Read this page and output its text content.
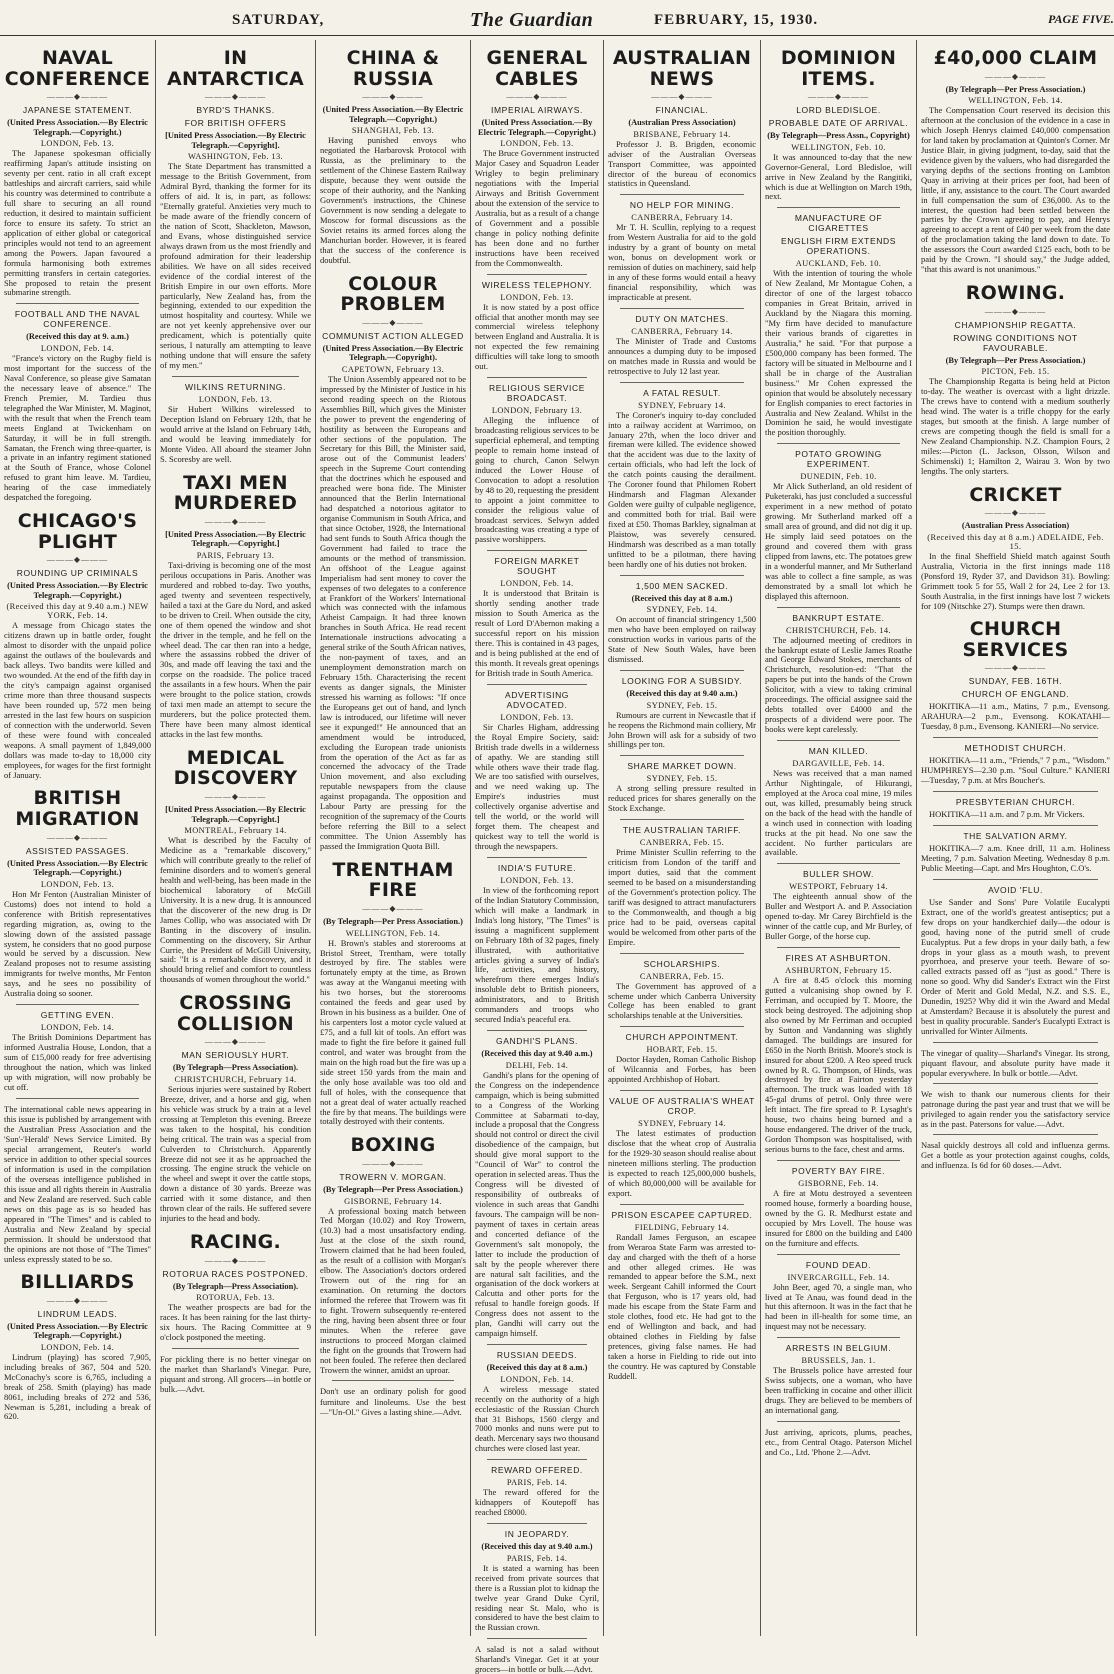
SATURDAY,	The Guardian	FEBRUARY, 15, 1930.	PAGE FIVE.
NAVAL CONFERENCE
———◆———
JAPANESE STATEMENT.
(United Press Association.—By Electric Telegraph.—Copyright.)
LONDON, Feb. 13.
The Japanese spokesman officially reaffirming Japan's attitude insisting on seventy per cent. ratio in all craft except battleships and aircraft carriers, said while his country was determined to contribute a full share to securing an all round reduction, it desired to maintain sufficient force to ensure its safety. To strict an application of either global or categorical principles would not tend to an agreement among the Powers. Japan favoured a formula harmonising both extremes permitting transfers in certain categories. She proposed to retain the present submarine strength.
FOOTBALL AND THE NAVAL CONFERENCE.
(Received this day at 9. a.m.)
LONDON, Feb. 14.
"France's victory on the Rugby field is most important for the success of the Naval Conference, so please give Samatan the necessary leave of absence." The French Premier, M. Tardieu thus telegraphed the War Minister, M. Maginot, with the result that when the French team meets England at Twickenham on Saturday, it will be in full strength. Samatan, the French wing three-quarter, is a private in an infantry regiment stationed at the South of France, whose Colonel refused to grant him leave. M. Tardieu, hearing of the case immediately despatched the foregoing.
CHICAGO'S PLIGHT
———◆———
ROUNDING UP CRIMINALS
(United Press Association.—By Electric Telegraph.—Copyright.)
(Received this day at 9.40 a.m.) NEW YORK, Feb. 14.
A message from Chicago states the citizens drawn up in battle order, fought almost to disorder with the unpaid police against the outlaws of the boulevards and back alleys. Two bandits were killed and two wounded. At the end of the fifth day in the city's campaign against organised crime more than three thousand suspects have been rounded up, 572 men being arrested in the last few hours on suspicion of connection with the underworld. Seven of these were found with concealed weapons. A small payment of 1,849,000 dollars was made to-day to 18,000 city employees, for wages for the first fortnight of January.
BRITISH MIGRATION
———◆———
ASSISTED PASSAGES.
(United Press Association.—By Electric Telegraph.—Copyright.)
LONDON, Feb. 13.
Hon Mr Fenton (Australian Minister of Customs) does not intend to hold a conference with British representatives regarding migration, as, owing to the slowing down of the assisted passage system, he considers that no good purpose would be served by a discussion. New Zealand proposes not to resume assisting immigrants for twelve months, Mr Fenton says, and he sees no possibility of Australia doing so sooner.
GETTING EVEN.
LONDON, Feb. 14.
The British Dominions Department has informed Australia House, London, that a sum of £15,000 ready for free advertising throughout the nation, which was linked up with migration, will now probably be cut off.
The international cable news appearing in this issue is published by arrangement with the Australian Press Association and the 'Sun'-'Herald' News Service Limited. By special arrangement, Reuter's world service in addition to other special sources of information is used in the compilation of the overseas intelligence published in this issue and all rights therein in Australia and New Zealand are reserved. Such cable news on this page as is so headed has appeared in "The Times" and is cabled to Australia and New Zealand by special permission. It should be understood that the opinions are not those of "The Times" unless expressly stated to be so.
BILLIARDS
———◆———
LINDRUM LEADS.
(United Press Association.—By Electric Telegraph.—Copyright.)
LONDON, Feb. 14.
Lindrum (playing) has scored 7,905, including breaks of 367, 504 and 520. McConachy's score is 6,765, including a break of 258. Smith (playing) has made 8061, including breaks of 272 and 536, Newman is 5,281, including a break of 620.
IN ANTARCTICA
———◆———
BYRD'S THANKS.
FOR BRITISH OFFERS
[United Press Association.—By Electric Telegraph.—Copyright].
WASHINGTON, Feb. 13.
The State Department has transmitted a message to the British Government, from Admiral Byrd, thanking the former for its offers of aid. It is, in part, as follows: "Eternally grateful. Anxieties very much to be made aware of the friendly concern of the nation of Scott, Shackleton, Mawson, and Evans, whose distinguished service always drawn from us the most friendly and profound admiration for their leadership abilities. We have on all sides received evidence of the cordial interest of the British Empire in our own efforts. More particularly, New Zealand has, from the beginning, extended to our expedition the utmost hospitality and courtesy. While we are not yet keenly apprehensive over our predicament, which is potentially quite serious, I naturally am attempting to leave nothing undone that will ensure the safety of my men."
WILKINS RETURNING.
LONDON, Feb. 13.
Sir Hubert Wilkins wirelessed to Deception Island on February 12th, that he would arrive at the Island on February 14th, and would be leaving immediately for Monte Video. All aboard the steamer John S. Scoresby are well.
TAXI MEN MURDERED
———◆———
[United Press Association.—By Electric Telegraph.—Copyright.]
PARIS, February 13.
Taxi-driving is becoming one of the most perilous occupations in Paris. Another was murdered and robbed to-day. Two youths, aged twenty and seventeen respectively, hailed a taxi at the Gare du Nord, and asked to be driven to Creil. When outside the city, one of them opened the window and shot the driver in the temple, and he fell on the wheel dead. The car then ran into a hedge, where the assassins robbed the driver of 30s, and made off leaving the taxi and the corpse on the roadside. The police traced the assailants in a few hours. When the pair were brought to the police station, crowds of taxi men made an attempt to secure the murderers, but the police protected them. There have been many almost identical attacks in the last few months.
MEDICAL DISCOVERY
———◆———
[United Press Association.—By Electric Telegraph.—Copyright.]
MONTREAL, February 14.
What is described by the Faculty of Medicine as a "remarkable discovery," which will contribute greatly to the relief of feminine disorders and to women's general health and well-being, has been made in the biochemical laboratory of McGill University. It is a new drug. It is announced that the discoverer of the new drug is Dr James Collip, who was associated with Dr Banting in the discovery of insulin. Commenting on the discovery, Sir Arthur Currie, the President of McGill University, said: "It is a remarkable discovery, and it should bring relief and comfort to countless thousands of women throughout the world."
CROSSING COLLISION
———◆———
MAN SERIOUSLY HURT.
(By Telegraph—Press Association).
CHRISTCHURCH, February 14.
Serious injuries were sustained by Robert Breeze, driver, and a horse and gig, when his vehicle was struck by a train at a level crossing at Templeton this evening. Breeze was taken to the hospital, his condition being critical. The train was a special from Culverden to Christchurch. Apparently Breeze did not see it as he approached the crossing. The engine struck the vehicle on the wheel and swept it over the cattle stops, down a distance of 30 yards. Breeze was carried with it some distance, and then thrown clear of the rails. He suffered severe injuries to the head and body.
RACING.
———◆———
ROTORUA RACES POSTPONED.
(By Telegraph—Press Association).
ROTORUA, Feb. 13.
The weather prospects are bad for the races. It has been raining for the last thirty-six hours. The Racing Committee at 9 o'clock postponed the meeting.
For pickling there is no better vinegar on the market than Sharland's Vinegar. Pure, piquant and strong. All grocers—in bottle or bulk.—Advt.
CHINA & RUSSIA
———◆———
(United Press Association.—By Electric Telegraph.—Copyright.)
SHANGHAI, Feb. 13.
Having punished envoys who negotiated the Harbarovsk Protocol with Russia, as the preliminary to the settlement of the Chinese Eastern Railway dispute, because they went outside the scope of their authority, and the Nanking Government's instructions, the Chinese Government is now sending a delegate to Moscow for formal discussions as the Soviet retains its armed forces along the Manchurian border. However, it is feared that the success of the conference is doubtful.
COLOUR PROBLEM
———◆———
COMMUNIST ACTION ALLEGED
(United Press Association.—By Electric Telegraph.—Copyright).
CAPETOWN, February 13.
The Union Assembly appeared not to be impressed by the Minister of Justice in his second reading speech on the Riotous Assemblies Bill, which gives the Minister the power to prevent the engendering of hostility as between the Europeans and other sections of the population. The Secretary for this Bill, the Minister said, arose out of the Communist leaders' speech in the Supreme Court contending that the doctrines which he espoused and preached were bona fide. The Minister announced that the Berlin International had despatched a notorious agitator to organise Communism in South Africa, and that since October, 1928, the International had sent funds to South Africa though the Government had failed to trace the amounts or the method of transmission. An offshoot of the League against Imperialism had sent money to cover the expenses of two delegates to a conference at Frankfort of the Workers' International which was connected with the infamous Atheist Campaign. It had three known branches in South Africa. He read recent Internationale instructions advocating a general strike of the South African natives, the non-payment of taxes, and an unemployment demonstration march on February 15th. Characterising the recent events as danger signals, the Minister stressed his warning as follows: "If once the Europeans get out of hand, and lynch law is introduced, our lifetime will never see it expunged!" He announced that an amendment would be introduced, excluding the European trade unionists from the operation of the Act as far as concerned the advocacy of the Trade Union movement, and also excluding reputable newspapers from the clause against propaganda. The opposition and Labour Party are pressing for the recognition of the supremacy of the Courts before referring the Bill to a select committee. The Union Assembly has passed the Immigration Quota Bill.
TRENTHAM FIRE
———◆———
(By Telegraph—Per Press Association.)
WELLINGTON, Feb. 14.
H. Brown's stables and storerooms at Bristol Street, Trentham, were totally destroyed by fire. The stables were fortunately empty at the time, as Brown was away at the Wanganui meeting with his two horses, but the storerooms contained the feeds and gear used by Brown in his business as a builder. One of his carpenters lost a motor cycle valued at £75, and a full kit of tools. An effort was made to fight the fire before it gained full control, and water was brought from the main on the high road but the fire was up a side street 150 yards from the main and the only hose available was too old and full of holes, with the consequence that not a great deal of water actually reached the fire by that means. The buildings were totally destroyed with their contents.
BOXING
———◆———
TROWERN V. MORGAN.
(By Telegraph—Per Press Association.)
GISBORNE, February 14.
A professional boxing match between Ted Morgan (10.02) and Roy Trowern, (10.3) had a most unsatisfactory ending. Just at the close of the sixth round, Trowern claimed that he had been fouled, as the result of a collision with Morgan's elbow. The Association's doctors ordered Trowern out of the ring for an examination. On returning the doctors informed the referee that Trowern was fit to fight. Trowern subsequently re-entered the ring, having been absent three or four minutes. When the referee gave instructions to proceed Morgan claimed the fight on the grounds that Trowern had not been fouled. The referee then declared Trowern the winner, amidst an uproar.
Don't use an ordinary polish for good furniture and linoleums. Use the best —"Un-Ol." Gives a lasting shine.—Advt.
GENERAL CABLES
———◆———
IMPERIAL AIRWAYS.
(United Press Association.—By Electric Telegraph.—Copyright.)
LONDON, Feb. 13.
The Bruce Government instructed Major Casey and Squadron Leader Wrigley to begin preliminary negotiations with the Imperial Airways and British Government about the extension of the service to Australia, but as a result of a change of Government and a possible change in policy nothing definite has been done and no further instructions have been received from the Commonwealth.
WIRELESS TELEPHONY.
LONDON, Feb. 13.
It is now stated by a post office official that another month may see commercial wireless telephony between England and Australia. It is not expected the few remaining difficulties will take long to smooth out.
RELIGIOUS SERVICE BROADCAST.
LONDON, February 13.
Alleging the influence of broadcasting religious services to be superficial ephemeral, and tempting people to remain home instead of going to church, Canon Selwyn induced the Lower House of Convocation to adopt a resolution by 48 to 20, requesting the president to appoint a joint committee to consider the religious value of broadcast services. Selwyn added broadcasting was creating a type of passive worshippers.
FOREIGN MARKET SOUGHT
LONDON, Feb. 14.
It is understood that Britain is shortly sending another trade mission to South America as the result of Lord D'Abernon making a successful report on his mission there. This is contained in 43 pages, and is being published at the end of this month. It reveals great openings for British trade in South America.
ADVERTISING ADVOCATED.
LONDON, Feb. 13.
Sir Charles Higham, addressing the Royal Empire Society, said: British trade dwells in a wilderness of apathy. We are standing still while others wave their trade flag. We are too satisfied with ourselves, and we need waking up. The Empire's industries must collectively organise advertise and tell the world, or the world will forget them. The cheapest and quickest way to tell the world is through the newspapers.
INDIA'S FUTURE.
LONDON, Feb. 13.
In view of the forthcoming report of the Indian Statutory Commission, which will make a landmark in India's long history, "The Times" is issuing a magnificent supplement on February 18th of 32 pages, finely illustrated, with authoritative articles giving a survey of India's life, activities, and history, wherefrom there emerges India's insoluble debt to British pioneers, administrators, and to British commanders and troops who secured India's peaceful era.
GANDHI'S PLANS.
(Received this day at 9.40 a.m.)
DELHI, Feb. 14.
Gandhi's plans for the opening of the Congress on the independence campaign, which is being submitted to a Congress of the Working Committee at Sabarmati to-day, include a proposal that the Congress should not control or direct the civil disobedience of the campaign, but should give moral support to the "Council of War" to control the operation in selected areas. Thus the Congress will be divested of responsibility of outbreaks of violence in such areas that Gandhi favours. The campaign will be non-payment of taxes in certain areas and concerted defiance of the Government's salt monopoly, the latter to include the production of salt by the people wherever there are natural salt facilities, and the organisation of the dock workers at Calcutta and other ports for the refusal to handle foreign goods. If Congress does not assent to the plan, Gandhi will carry out the campaign himself.
RUSSIAN DEEDS.
(Received this day at 8 a.m.)
LONDON, Feb. 14.
A wireless message stated recently on the authority of a high ecclesiastic of the Russian Church that 31 Bishops, 1560 clergy and 7000 monks and nuns were put to death. Mercenary says two thousand churches were closed last year.
REWARD OFFERED.
PARIS, Feb. 14.
The reward offered for the kidnappers of Koutepoff has reached £8000.
IN JEOPARDY.
(Received this day at 9.40 a.m.)
PARIS, Feb. 14.
It is stated a warning has been received from private sources that there is a Russian plot to kidnap the twelve year Grand Duke Cyril, residing near St. Malo, who is considered to have the best claim to the Russian crown.
A salad is not a salad without Sharland's Vinegar. Get it at your grocers—in bottle or bulk.—Advt.
AUSTRALIAN NEWS
———◆———
FINANCIAL.
(Australian Press Association)
BRISBANE, February 14.
Professor J. B. Brigden, economic adviser of the Australian Overseas Transport Committee, was appointed director of the bureau of economics statistics in Queensland.
NO HELP FOR MINING.
CANBERRA, February 14.
Mr T. H. Scullin, replying to a request from Western Australia for aid to the gold industry by a grant of bounty on metal won, bonus on development work or remission of duties on machinery, said help in any of these forms would entail a heavy financial responsibility, which was impracticable at present.
DUTY ON MATCHES.
CANBERRA, February 14.
The Minister of Trade and Customs announces a dumping duty to be imposed on matches made in Russia and would be retrospective to July 12 last year.
A FATAL RESULT.
SYDNEY, February 14.
The Coroner's inquiry to-day concluded into a railway accident at Warrimoo, on January 27th, when the loco driver and fireman were killed. The evidence showed that the accident was due to the laxity of certain officials, who had left the lock of the catch points causing the derailment. The Coroner found that Philomen Robert Hindmarsh and Flagman Alexander Golden were guilty of culpable negligence, and committed both for trial. Bail were fixed at £50. Thomas Barkley, signalman at Plaistow, was severely censured. Hindmarsh was described as a man totally unfitted to be a pilotman, there having been hardly one of his duties not broken.
1,500 MEN SACKED.
(Received this day at 8 a.m.)
SYDNEY, Feb. 14.
On account of financial stringency 1,500 men who have been employed on railway construction works in various parts of the State of New South Wales, have been dismissed.
LOOKING FOR A SUBSIDY.
(Received this day at 9.40 a.m.)
SYDNEY, Feb. 15.
Rumours are current in Newcastle that if he reopens the Richmond main colliery, Mr John Brown will ask for a subsidy of two shillings per ton.
SHARE MARKET DOWN.
SYDNEY, Feb. 15.
A strong selling pressure resulted in reduced prices for shares generally on the Stock Exchange.
THE AUSTRALIAN TARIFF.
CANBERRA, Feb. 15.
Prime Minister Scullin referring to the criticism from London of the tariff and import duties, said that the comment seemed to be based on a misunderstanding of the Government's protection policy. The tariff was designed to attract manufacturers to the Commonwealth, and though a big price had to be paid, overseas capital would be welcomed from other parts of the Empire.
SCHOLARSHIPS.
CANBERRA, Feb. 15.
The Government has approved of a scheme under which Canberra University College has been enabled to grant scholarships tenable at the Universities.
CHURCH APPOINTMENT.
HOBART, Feb. 15.
Doctor Hayden, Roman Catholic Bishop of Wilcannia and Forbes, has been appointed Archbishop of Hobart.
VALUE OF AUSTRALIA'S WHEAT CROP.
SYDNEY, February 14.
The latest estimates of production disclose that the wheat crop of Australia for the 1929-30 season should realise about nineteen millions sterling. The production is expected to reach 125,000,000 bushels, of which 80,000,000 will be available for export.
PRISON ESCAPEE CAPTURED.
FIELDING, February 14.
Randall James Ferguson, an escapee from Weraroa State Farm was arrested to-day and charged with the theft of a horse and other alleged crimes. He was remanded to appear before the S.M., next week. Sergeant Cahill informed the Court that Ferguson, who is 17 years old, had made his escape from the State Farm and stole clothes, food etc. He had got to the end of Wellington and back, and had obtained clothes in Fielding by false pretences, giving false names. He had taken a horse in Fielding to ride out into the country. He was captured by Constable Ruddell.
DOMINION ITEMS.
———◆———
LORD BLEDISLOE.
PROBABLE DATE OF ARRIVAL.
(By Telegraph—Press Assn., Copyright)
WELLINGTON, Feb. 10.
It was announced to-day that the new Governor-General, Lord Bledisloe, will arrive in New Zealand by the Rangitiki, which is due at Wellington on March 19th, next.
MANUFACTURE OF CIGARETTES
ENGLISH FIRM EXTENDS OPERATIONS.
AUCKLAND, Feb. 10.
With the intention of touring the whole of New Zealand, Mr Montague Cohen, a director of one of the largest tobacco companies in Great Britain, arrived in Auckland by the Niagara this morning. "My firm have decided to manufacture their various brands of cigarettes in Australia," he said. "For that purpose a £500,000 company has been formed. The factory will be situated in Melbourne and I shall be in charge of the Australian business." Mr Cohen expressed the opinion that would be absolutely necessary for English companies to erect factories in Australia and New Zealand. Whilst in the Dominion he said, he would investigate the position thoroughly.
POTATO GROWING EXPERIMENT.
DUNEDIN, Feb. 10.
Mr Alick Sutherland, an old resident of Puketeraki, has just concluded a successful experiment in a new method of potato growing. Mr Sutherland marked off a small area of ground, and did not dig it up. He simply laid seed potatoes on the ground and covered them with grass clipped from lawns, etc. The potatoes grew in a wonderful manner, and Mr Sutherland was able to collect a fine sample, as was demonstrated by a small lot which he displayed this afternoon.
BANKRUPT ESTATE.
CHRISTCHURCH, Feb. 14.
The adjourned meeting of creditors in the bankrupt estate of Leslie James Roathe and George Edward Stokes, merchants of Christchurch, resolution-ed: "That the papers be put into the hands of the Crown Solicitor, with a view to taking criminal proceedings. The official assignee said the debts totalled over £4000 and the prospects of a dividend were poor. The books were kept carelessly.
MAN KILLED.
DARGAVILLE, Feb. 14.
News was received that a man named Arthur Nightingale, of Hikurangi, employed at the Aroca coal mine, 19 miles out, was killed, presumably being struck on the back of the head with the handle of a winch used in connection with loading trucks at the pit head. No one saw the accident. No further particulars are available.
BULLER SHOW.
WESTPORT, February 14.
The eighteenth annual show of the Buller and Westport A. and P. Association opened to-day. Mr Carey Birchfield is the winner of the cattle cup, and Mr Burley, of Buller Gorge, of the horse cup.
FIRES AT ASHBURTON.
ASHBURTON, February 15.
A fire at 8.45 o'clock this morning gutted a vulcanising shop owned by F. Ferriman, and occupied by T. Moore, the stock being destroyed. The adjoining shop also owned by Mr Ferriman and occupied by Sutton and Vandanning was slightly damaged. The buildings are insured for £650 in the North British. Moore's stock is insured for about £200. A Reo speed truck owned by R. G. Thompson, of Hinds, was destroyed by fire at Fairton yesterday afternoon. The truck was loaded with 18 45-gal drums of petrol. Only three were left intact. The fire spread to P. Lysaght's house, two chains being burned and a house endangered. The driver of the truck, Gordon Thompson was hospitalised, with serious burns to the face, chest and arms.
POVERTY BAY FIRE.
GISBORNE, Feb. 14.
A fire at Motu destroyed a seventeen roomed house, formerly a boarding house, owned by the G. R. Medhurst estate and occupied by Mrs Lovell. The house was insured for £800 on the building and £400 on the furniture and effects.
FOUND DEAD.
INVERCARGILL, Feb. 14.
John Beer, aged 70, a single man, who lived at Te Anau, was found dead in the hut this afternoon. It was in the fact that he had been in ill-health for some time, an inquest may not be necessary.
ARRESTS IN BELGIUM.
BRUSSELS, Jan. 1.
The Brussels police have arrested four Swiss subjects, one a woman, who have been trafficking in cocaine and other illicit drugs. They are believed to be members of an international gang.
Just arriving, apricots, plums, peaches, etc., from Central Otago. Paterson Michel and Co., Ltd. 'Phone 2.—Advt.
£40,000 CLAIM
———◆———
(By Telegraph—Per Press Association.)
WELLINGTON, Feb. 14.
The Compensation Court reserved its decision this afternoon at the conclusion of the evidence in a case in which Joseph Henrys claimed £40,000 compensation for land taken by proclamation at Quinton's Corner. Mr Justice Blair, in giving judgment, to-day, said that the evidence given by the valuers, who had disregarded the varying depths of the sections fronting on Lambton Quay in arriving at their prices per foot, had been of little, if any, assistance to the court. The Court awarded in full compensation the sum of £36,000. As to the interest, the question had been settled between the parties by the Crown agreeing to pay, and Henrys agreeing to accept a rent of £40 per week from the date of the proclamation taking the land down to date. To the assessors the Court awarded £125 each, both to be paid by the Crown. "I should say," the Judge added, "that this award is not unanimous."
ROWING.
———◆———
CHAMPIONSHIP REGATTA.
ROWING CONDITIONS NOT FAVOURABLE.
(By Telegraph—Per Press Association.)
PICTON, Feb. 15.
The Championship Regatta is being held at Picton to-day. The weather is overcast with a light drizzle. The crews have to contend with a medium southerly head wind. The water is a trifle choppy for the early stages, but smooth at the finish. A large number of crews are competing though the field is small for a New Zealand Championship. N.Z. Champion Fours, 2 miles:—Picton (L. Jackson, Olsson, Wilson and Schimenski) 1; Hamilton 2, Wairau 3. Won by two lengths. The only starters.
CRICKET
———◆———
(Australian Press Association)
(Received this day at 8 a.m.) ADELAIDE, Feb. 15.
In the final Sheffield Shield match against South Australia, Victoria in the first innings made 118 (Ponsford 19, Ryder 37, and Davidson 31). Bowling: Grimmett took 5 for 55, Wall 2 for 24, Lee 2 for 13. South Australia, in the first innings have lost 7 wickets for 109 (Nitschke 27). Stumps were then drawn.
CHURCH SERVICES
———◆———
SUNDAY, FEB. 16TH.
CHURCH OF ENGLAND.
HOKITIKA—11 a.m., Matins, 7 p.m., Evensong. ARAHURA—2 p.m., Evensong. KOKATAHI—Tuesday, 8 p.m., Evensong. KANIERI—No service.
METHODIST CHURCH.
HOKITIKA—11 a.m., "Friends," 7 p.m., "Wisdom." HUMPHREYS—2.30 p.m. "Soul Culture." KANIERI—Tuesday, 7 p.m. at Mrs Boucher's.
PRESBYTERIAN CHURCH.
HOKITIKA—11 a.m. and 7 p.m. Mr Vickers.
THE SALVATION ARMY.
HOKITIKA—7 a.m. Knee drill, 11 a.m. Holiness Meeting, 7 p.m. Salvation Meeting. Wednesday 8 p.m. Public Meeting—Capt. and Mrs Houghton, C.O's.
AVOID 'FLU.
Use Sander and Sons' Pure Volatile Eucalypti Extract, one of the world's greatest antiseptics; put a few drops on your handkerchief daily—the odour is good, having none of the putrid smell of crude Eucalyptus. Put a few drops in your daily bath, a few drops in your glass as a mouth wash, to prevent pyorrhoea, and preserve your teeth. Beware of so-called extracts passed off as "just as good." There is none so good. Why did Sander's Extract win the First Order of Merit and Gold Medal, N.Z. and S.S. E., Dunedin, 1925? Why did it win the Award and Medal at Amsterdam? Because it is absolutely the purest and best in quality procurable. Sander's Eucalypti Extract is unrivalled for Winter Ailments.
The vinegar of quality—Sharland's Vinegar. Its strong, piquant flavour, and absolute purity have made it popular everywhere. In bulk or bottle.—Advt.
We wish to thank our numerous clients for their patronage during the past year and trust that we will be privileged to again render you the satisfactory service as in the past. Patersons for value.—Advt.
Nasal quickly destroys all cold and influenza germs. Get a bottle as your protection against coughs, colds, and influenza. Is 6d for 60 doses.—Advt.
